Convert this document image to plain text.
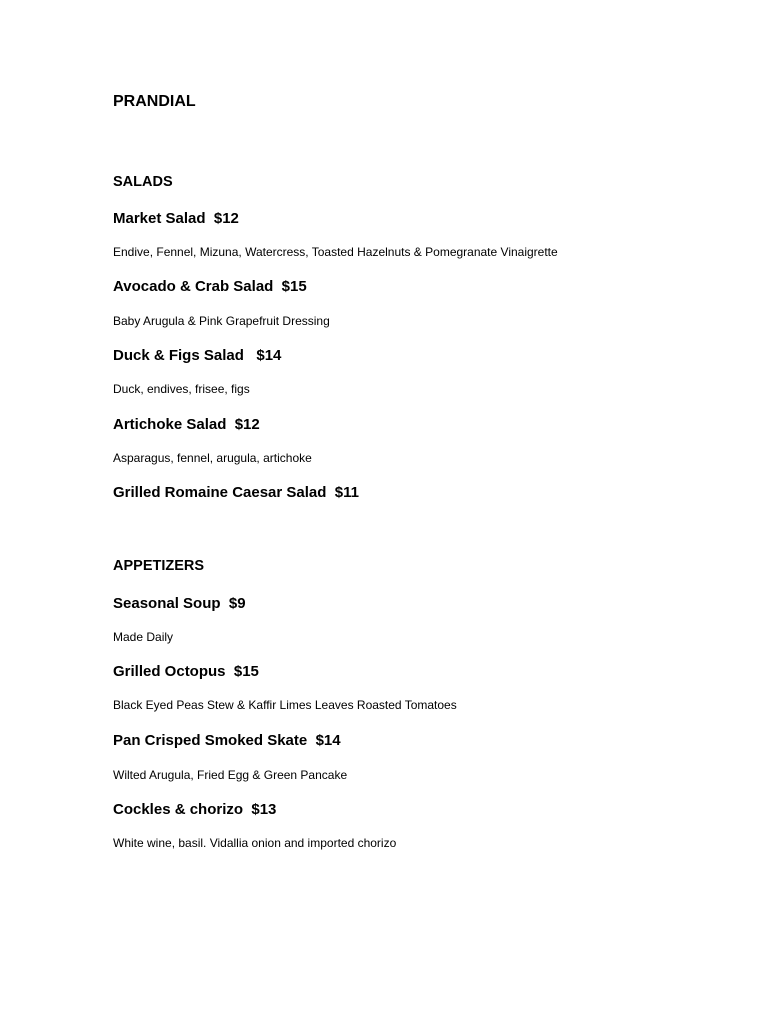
PRANDIAL

SALADS

Market Salad  $12

Endive, Fennel, Mizuna, Watercress, Toasted Hazelnuts & Pomegranate Vinaigrette

Avocado & Crab Salad  $15

Baby Arugula & Pink Grapefruit Dressing

Duck & Figs Salad   $14

Duck, endives, frisee, figs

Artichoke Salad  $12

Asparagus, fennel, arugula, artichoke

Grilled Romaine Caesar Salad  $11

APPETIZERS

Seasonal Soup  $9

Made Daily

Grilled Octopus  $15

Black Eyed Peas Stew & Kaffir Limes Leaves Roasted Tomatoes

Pan Crisped Smoked Skate  $14

Wilted Arugula, Fried Egg & Green Pancake

Cockles & chorizo  $13

White wine, basil. Vidallia onion and imported chorizo
